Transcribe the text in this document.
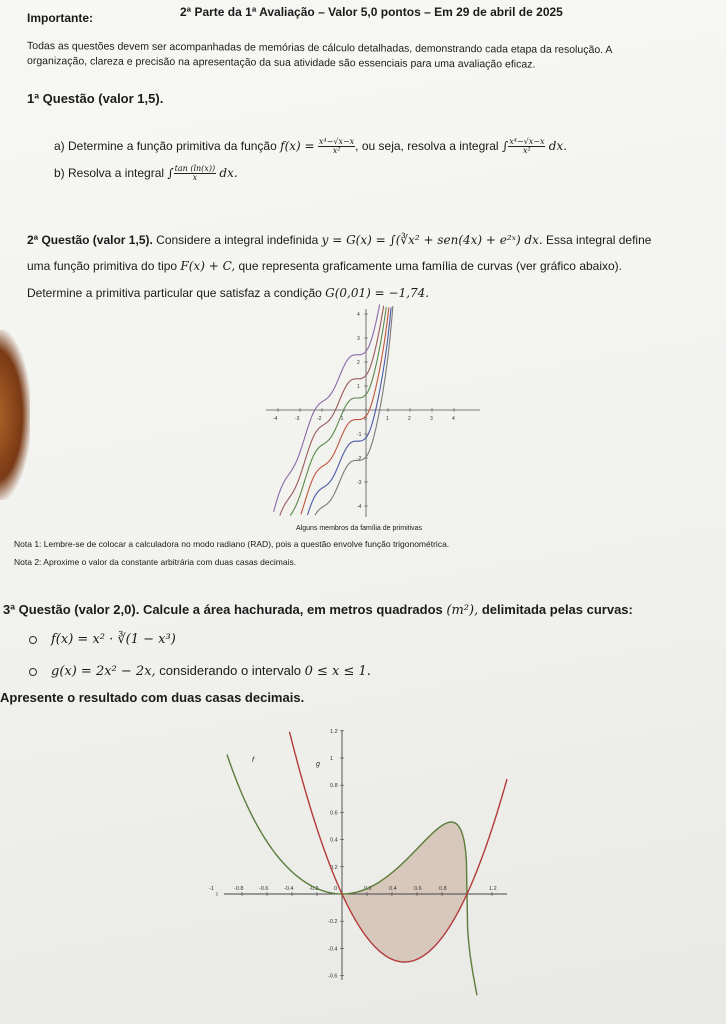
2ª Parte da 1ª Avaliação – Valor 5,0 pontos – Em 29 de abril de 2025
Importante:
Todas as questões devem ser acompanhadas de memórias de cálculo detalhadas, demonstrando cada etapa da resolução. A
organização, clareza e precisão na apresentação da sua atividade são essenciais para uma avaliação eficaz.
1ª Questão (valor 1,5).
a) Determine a função primitiva da função $f(x) = \frac{\text{x⁴−√x−x}}{\text{x²}}$ , ou seja, resolva a integral ∫ $\frac{\text{x⁴−√x−x}}{\text{x²}}$ dx.
b) Resolva a integral ∫ $\frac{\tan (\ln(x))}{x}$ dx.
2ª Questão (valor 1,5). Considere a integral indefinida y = G(x) = ∫(∛x² + sen(4x) + e²ˣ) dx. Essa integral define
uma função primitiva do tipo F(x) + C, que representa graficamente uma família de curvas (ver gráfico abaixo).
Determine a primitiva particular que satisfaz a condição G(0,01) = −1,74.
-4	-3	-2	-1	0	1	2	3	4
4
3
2
1
-1
-2
-3
-4
Alguns membros da família de primitivas
Nota 1: Lembre-se de colocar a calculadora no modo radiano (RAD), pois a questão envolve função trigonométrica.
Nota 2: Aproxime o valor da constante arbitrária com duas casas decimais.
3ª Questão (valor 2,0). Calcule a área hachurada, em metros quadrados (m²), delimitada pelas curvas:
f(x) = x² · ∛(1 − x³)
g(x) = 2x² − 2x, considerando o intervalo 0 ≤ x ≤ 1.
Apresente o resultado com duas casas decimais.
-1	-0.8	-0.6	-0.4	-0.2	0	0.2	0.4	0.6	0.8	1.2
1.2
1
0.8
0.6
0.4
0.2
-0.2
-0.4
-0.6
f
g
